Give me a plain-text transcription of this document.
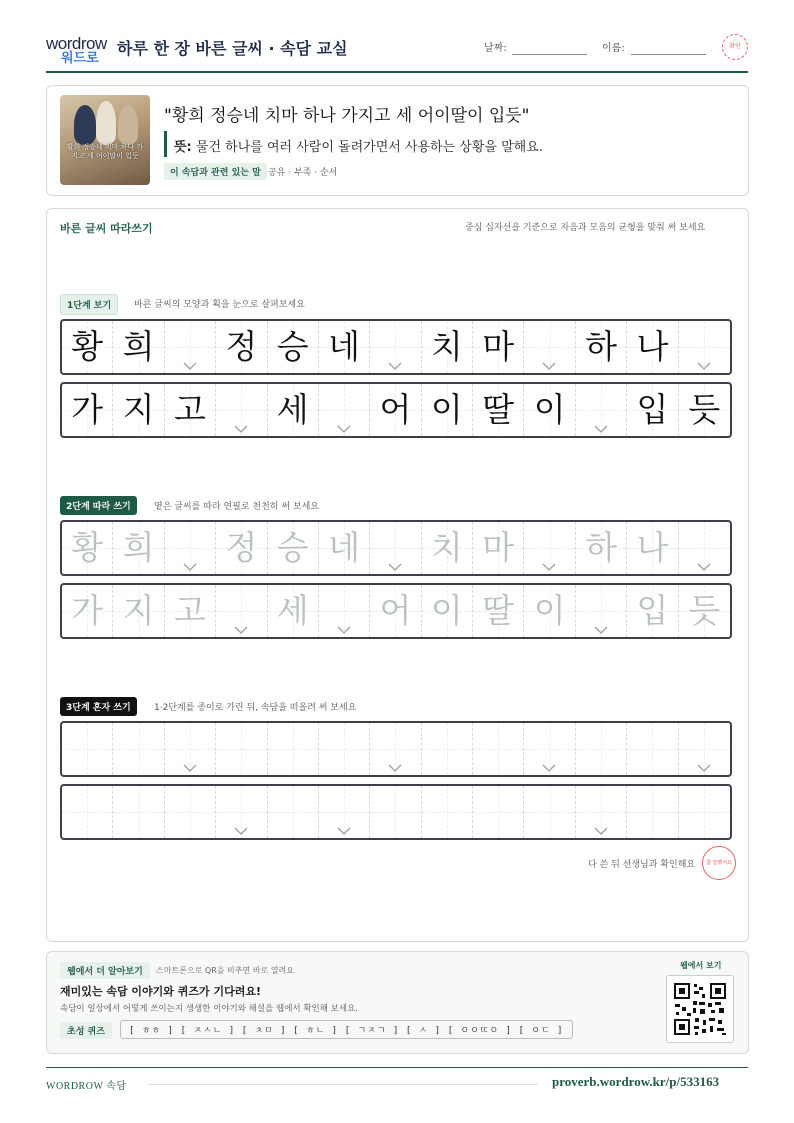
wordrow
워드로
하루 한 장 바른 글씨 · 속담 교실	날짜:	이름:	확인
황희 정승네 치마 하나 가지고 세 어이딸이 입듯
"황희 정승네 치마 하나 가지고 세 어이딸이 입듯"
뜻: 물건 하나를 여러 사람이 돌려가면서 사용하는 상황을 말해요.
이 속담과 관련 있는 말 공유 · 부족 · 순서
바른 글씨 따라쓰기	중심 십자선을 기준으로 자음과 모음의 균형을 맞춰 써 보세요
1단계 보기	바른 글씨의 모양과 획을 눈으로 살펴보세요
황 희 정 승 네 치 마 하 나
가 지 고 세 어 이 딸 이 입 듯
2단계 따라 쓰기	옅은 글씨를 따라 연필로 천천히 써 보세요
황 희 정 승 네 치 마 하 나
가 지 고 세 어 이 딸 이 입 듯
3단계 혼자 쓰기	1·2단계를 종이로 가린 뒤, 속담을 떠올려 써 보세요
다 쓴 뒤 선생님과 확인해요	참 잘했어요
웹에서 더 알아보기	스마트폰으로 QR을 비추면 바로 열려요
재미있는 속담 이야기와 퀴즈가 기다려요!
속담이 일상에서 어떻게 쓰이는지 생생한 이야기와 해설을 웹에서 확인해 보세요.
초성 퀴즈	[ ㅎㅎ ] [ ㅈㅅㄴ ] [ ㅊㅁ ] [ ㅎㄴ ] [ ㄱㅈㄱ ] [ ㅅ ] [ ㅇㅇㄸㅇ ] [ ㅇㄷ ]
웹에서 보기
WORDROW 속담	proverb.wordrow.kr/p/533163
